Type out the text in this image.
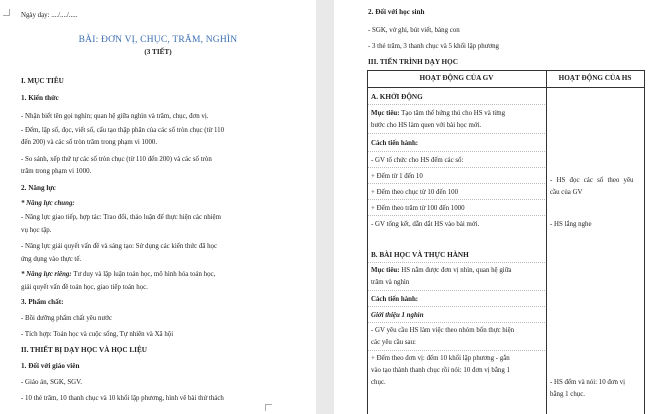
Ngày dạy: ..../..../.....
BÀI: ĐƠN VỊ, CHỤC, TRĂM, NGHÌN
(3 TIẾT)
I. MỤC TIÊU
1. Kiến thức
- Nhận biết tên gọi nghìn; quan hệ giữa nghìn và trăm, chục, đơn vị.
- Đếm, lập số, đọc, viết số, cấu tạo thập phân của các số tròn chục (từ 110
đến 200) và các số tròn trăm trong phạm vi 1000.
- So sánh, xếp thứ tự các số tròn chục (từ 110 đến 200) và các số tròn
trăm trong phạm vi 1000.
2. Năng lực
* Năng lực chung:
- Năng lực giao tiếp, hợp tác: Trao đổi, thảo luận để thực hiện các nhiệm
vụ học tập.
- Năng lực giải quyết vấn đề và sáng tạo: Sử dụng các kiến thức đã học
ứng dụng vào thực tế.
* Năng lực riêng: Tư duy và lập luận toán học, mô hình hóa toán học,
giải quyết vấn đề toán học, giao tiếp toán học.
3. Phẩm chất:
- Bồi dưỡng phẩm chất yêu nước
- Tích hợp: Toán học và cuộc sống, Tự nhiên và Xã hội
II. THIẾT BỊ DẠY HỌC VÀ HỌC LIỆU
1. Đối với giáo viên
- Giáo án, SGK, SGV.
- 10 thẻ trăm, 10 thanh chục và 10 khối lập phương, hình vẽ bài thử thách
2. Đối với học sinh
- SGK, vở ghi, bút viết, bảng con
- 3 thẻ trăm, 3 thanh chục và 5 khối lập phương
III. TIẾN TRÌNH DẠY HỌC
HOẠT ĐỘNG CỦA GV	HOẠT ĐỘNG CỦA HS
A. KHỞI ĐỘNG
Mục tiêu: Tạo tâm thế hứng thú cho HS và từng
bước cho HS làm quen với bài học mới.
Cách tiến hành:
- GV tổ chức cho HS đếm các số:
+ Đếm từ 1 đến 10
+ Đếm theo chục từ 10 đến 100
+ Đếm theo trăm từ 100 đến 1000
- GV tổng kết, dẫn dắt HS vào bài mới.
- HS đọc các số theo yêu
cầu của GV
- HS lắng nghe
B. BÀI HỌC VÀ THỰC HÀNH
Mục tiêu: HS nắm được đơn vị nhìn, quan hệ giữa
trăm và nghìn
Cách tiến hành:
Giới thiệu 1 nghìn
- GV yêu cầu HS làm việc theo nhóm bốn thực hiện
các yêu cầu sau:
+ Đếm theo đơn vị: đếm 10 khối lập phương - gắn
vào tạo thành thanh chục rồi nói: 10 đơn vị bằng 1
chục.	- HS đếm và nói: 10 đơn vị
bằng 1 chục.
